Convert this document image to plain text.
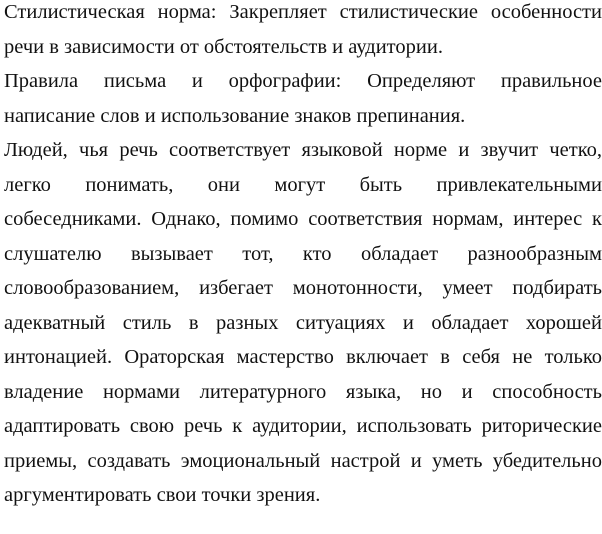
Стилистическая норма: Закрепляет стилистические особенности
речи в зависимости от обстоятельств и аудитории.
Правила письма и орфографии: Определяют правильное
написание слов и использование знаков препинания.
Людей, чья речь соответствует языковой норме и звучит четко,
легко понимать, они могут быть привлекательными
собеседниками. Однако, помимо соответствия нормам, интерес к
слушателю вызывает тот, кто обладает разнообразным
словообразованием, избегает монотонности, умеет подбирать
адекватный стиль в разных ситуациях и обладает хорошей
интонацией. Ораторская мастерство включает в себя не только
владение нормами литературного языка, но и способность
адаптировать свою речь к аудитории, использовать риторические
приемы, создавать эмоциональный настрой и уметь убедительно
аргументировать свои точки зрения.
